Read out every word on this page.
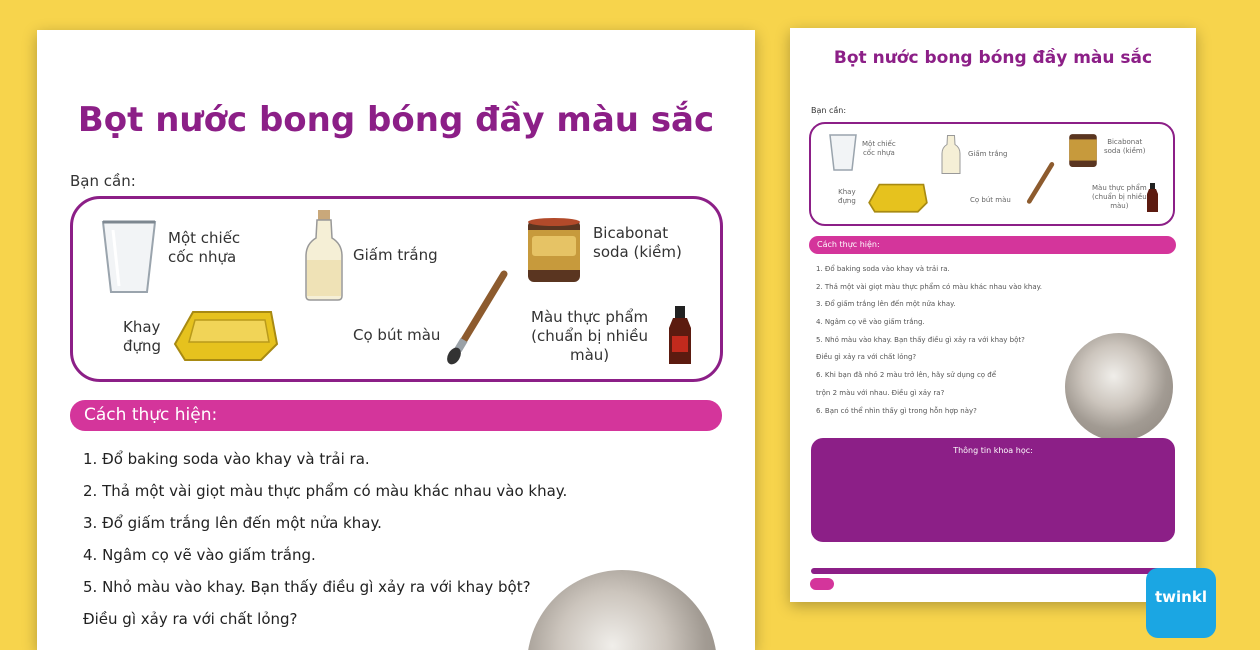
Bọt nước bong bóng đầy màu sắc
Bạn cần:
Một chiếc
cốc nhựa	Giấm trắng
Bicabonat
soda (kiềm)
Khay
đựng
Cọ bút màu
Màu thực phẩm
(chuẩn bị nhiều
màu)
Cách thực hiện:
1. Đổ baking soda vào khay và trải ra.
2. Thả một vài giọt màu thực phẩm có màu khác nhau vào khay.
3. Đổ giấm trắng lên đến một nửa khay.
4. Ngâm cọ vẽ vào giấm trắng.
5. Nhỏ màu vào khay. Bạn thấy điều gì xảy ra với khay bột?
Điều gì xảy ra với chất lỏng?
Bọt nước bong bóng đầy màu sắc
Bạn cần:
Một chiếc
cốc nhựa	Giấm trắng
Bicabonat
soda (kiềm)
Khay
đựng	Cọ bút màu
Màu thực phẩm
(chuẩn bị nhiều
màu)
Cách thực hiện:
1. Đổ baking soda vào khay và trải ra.
2. Thả một vài giọt màu thực phẩm có màu khác nhau vào khay.
3. Đổ giấm trắng lên đến một nửa khay.
4. Ngâm cọ vẽ vào giấm trắng.
5. Nhỏ màu vào khay. Bạn thấy điều gì xảy ra với khay bột?
Điều gì xảy ra với chất lỏng?
6. Khi bạn đã nhỏ 2 màu trở lên, hãy sử dụng cọ để
trộn 2 màu với nhau. Điều gì xảy ra?
6. Bạn có thể nhìn thấy gì trong hỗn hợp này?
Thông tin khoa học:
twinkl
